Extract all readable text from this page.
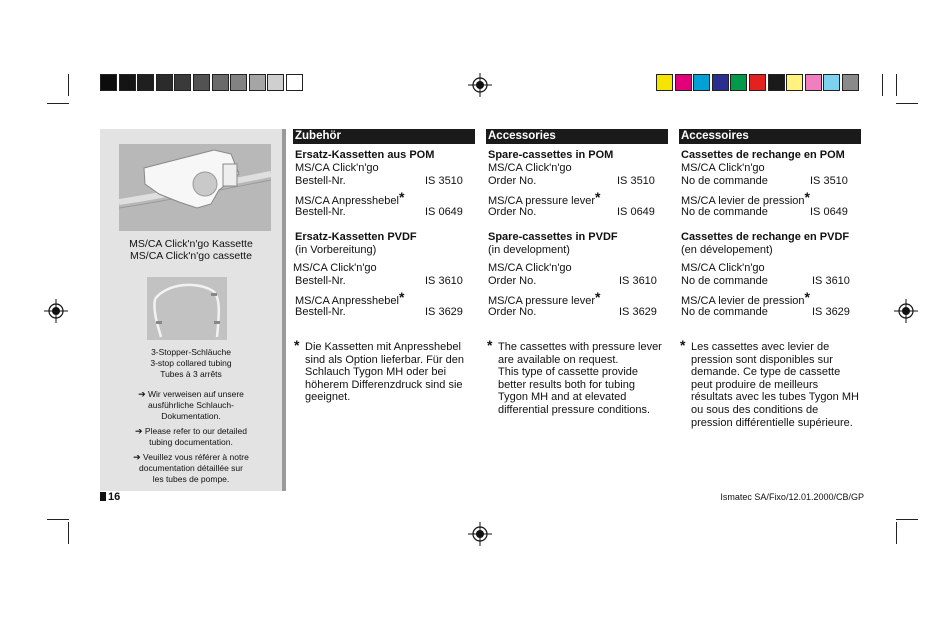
MS/CA Click'n'go Kassette
MS/CA Click'n'go cassette
3-Stopper-Schläuche
3-stop collared tubing
Tubes à 3 arrêts
➔ Wir verweisen auf unsere
ausführliche Schlauch-
Dokumentation.
➔ Please refer to our detailed
tubing documentation.
➔ Veuillez vous référer à notre
documentation détaillée sur
les tubes de pompe.
Zubehör
Ersatz-Kassetten aus POM
MS/CA Click'n'go
Bestell-Nr.	IS 3510
MS/CA Anpresshebel*
Bestell-Nr.	IS 0649
Ersatz-Kassetten PVDF
(in Vorbereitung)
MS/CA Click'n'go
Bestell-Nr.	IS 3610
MS/CA Anpresshebel*
Bestell-Nr.	IS 3629
* Die Kassetten mit Anpresshebel
sind als Option lieferbar. Für den
Schlauch Tygon MH oder bei
höherem Differenzdruck sind sie
geeignet.
Accessories
Spare-cassettes in POM
MS/CA Click'n'go
Order No.	IS 3510
MS/CA pressure lever*
Order No.	IS 0649
Spare-cassettes in PVDF
(in development)
MS/CA Click'n'go
Order No.	IS 3610
MS/CA pressure lever*
Order No.	IS 3629
* The cassettes with pressure lever
are available on request.
This type of cassette provide
better results both for tubing
Tygon MH and at elevated
differential pressure conditions.
Accessoires
Cassettes de rechange en POM
MS/CA Click'n'go
No de commande	IS 3510
MS/CA levier de pression*
No de commande	IS 0649
Cassettes de rechange en PVDF
(en dévelopement)
MS/CA Click'n'go
No de commande	IS 3610
MS/CA levier de pression*
No de commande	IS 3629
* Les cassettes avec levier de
pression sont disponibles sur
demande. Ce type de cassette
peut produire de meilleurs
résultats avec les tubes Tygon MH
ou sous des conditions de
pression différentielle supérieure.
16	Ismatec SA/Fixo/12.01.2000/CB/GP
